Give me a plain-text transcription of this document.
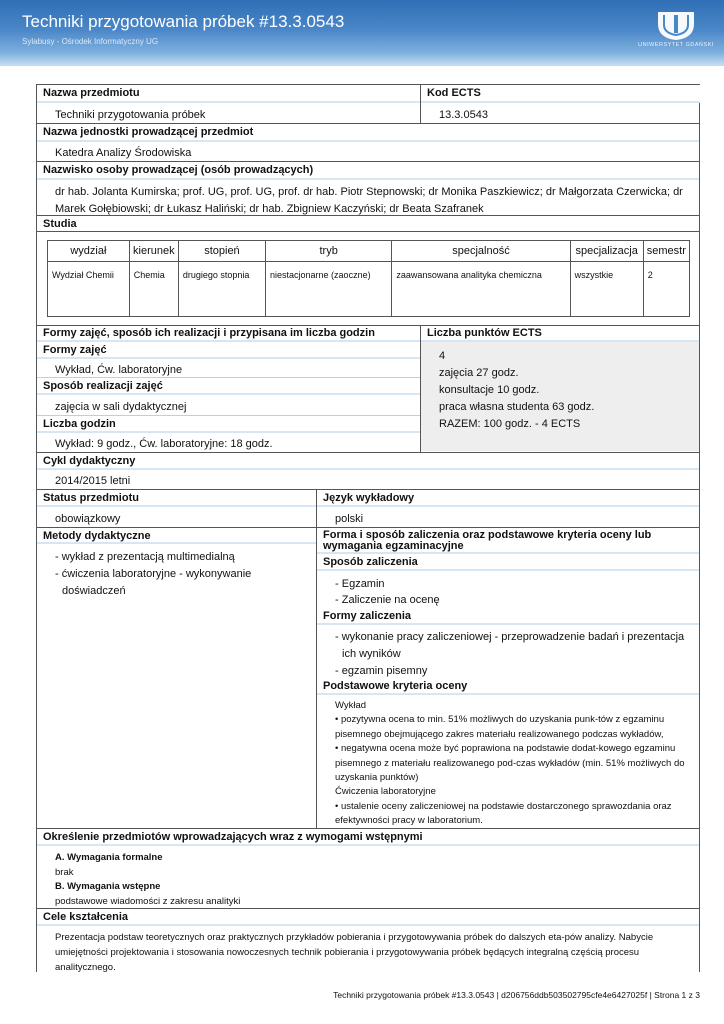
Techniki przygotowania próbek #13.3.0543
Sylabusy - Ośrodek Informatyczny UG	UNIWERSYTET GDAŃSKI
Nazwa przedmiotu	Kod ECTS
Techniki przygotowania próbek	13.3.0543
Nazwa jednostki prowadzącej przedmiot
Katedra Analizy Środowiska
Nazwisko osoby prowadzącej (osób prowadzących)
dr hab. Jolanta Kumirska; prof. UG, prof. UG, prof. dr hab. Piotr Stepnowski; dr Monika Paszkiewicz; dr Małgorzata Czerwicka; dr
Marek Gołębiowski; dr Łukasz Haliński; dr hab. Zbigniew Kaczyński; dr Beata Szafranek
Studia
wydział	kierunek	stopień	tryb	specjalność	specjalizacja	semestr
Wydział Chemii	Chemia	drugiego stopnia	niestacjonarne (zaoczne)	zaawansowana analityka chemiczna	wszystkie	2
Formy zajęć, sposób ich realizacji i przypisana im liczba godzin	Liczba punktów ECTS
Formy zajęć
Wykład, Ćw. laboratoryjne
Sposób realizacji zajęć
zajęcia w sali dydaktycznej
Liczba godzin
Wykład: 9 godz., Ćw. laboratoryjne: 18 godz.
4
zajęcia 27 godz.
konsultacje 10 godz.
praca własna studenta 63 godz.
RAZEM: 100 godz. - 4 ECTS
Cykl dydaktyczny
2014/2015 letni
Status przedmiotu	Język wykładowy
obowiązkowy	polski
Metody dydaktyczne
- wykład z prezentacją multimedialną
- ćwiczenia laboratoryjne - wykonywanie
doświadczeń
Forma i sposób zaliczenia oraz podstawowe kryteria oceny lub
wymagania egzaminacyjne
Sposób zaliczenia
- Egzamin
- Zaliczenie na ocenę
Formy zaliczenia
- wykonanie pracy zaliczeniowej - przeprowadzenie badań i prezentacja
ich wyników
- egzamin pisemny
Podstawowe kryteria oceny
Wykład
• pozytywna ocena to min. 51% możliwych do uzyskania punk-tów z egzaminu
pisemnego obejmującego zakres materiału realizowanego podczas wykładów,
• negatywna ocena może być poprawiona na podstawie dodat-kowego egzaminu
pisemnego z materiału realizowanego pod-czas wykładów (min. 51% możliwych do
uzyskania punktów)
Ćwiczenia laboratoryjne
• ustalenie oceny zaliczeniowej na podstawie dostarczonego sprawozdania oraz
efektywności pracy w laboratorium.
Określenie przedmiotów wprowadzających wraz z wymogami wstępnymi
A. Wymagania formalne
brak
B. Wymagania wstępne
podstawowe wiadomości z zakresu analityki
Cele kształcenia
Prezentacja podstaw teoretycznych oraz praktycznych przykładów pobierania i przygotowywania próbek do dalszych eta-pów analizy. Nabycie
umiejętności projektowania i stosowania nowoczesnych technik pobierania i przygotowywania próbek będących integralną częścią procesu
analitycznego.
Techniki przygotowania próbek #13.3.0543 | d206756ddb503502795cfe4e6427025f | Strona 1 z 3
